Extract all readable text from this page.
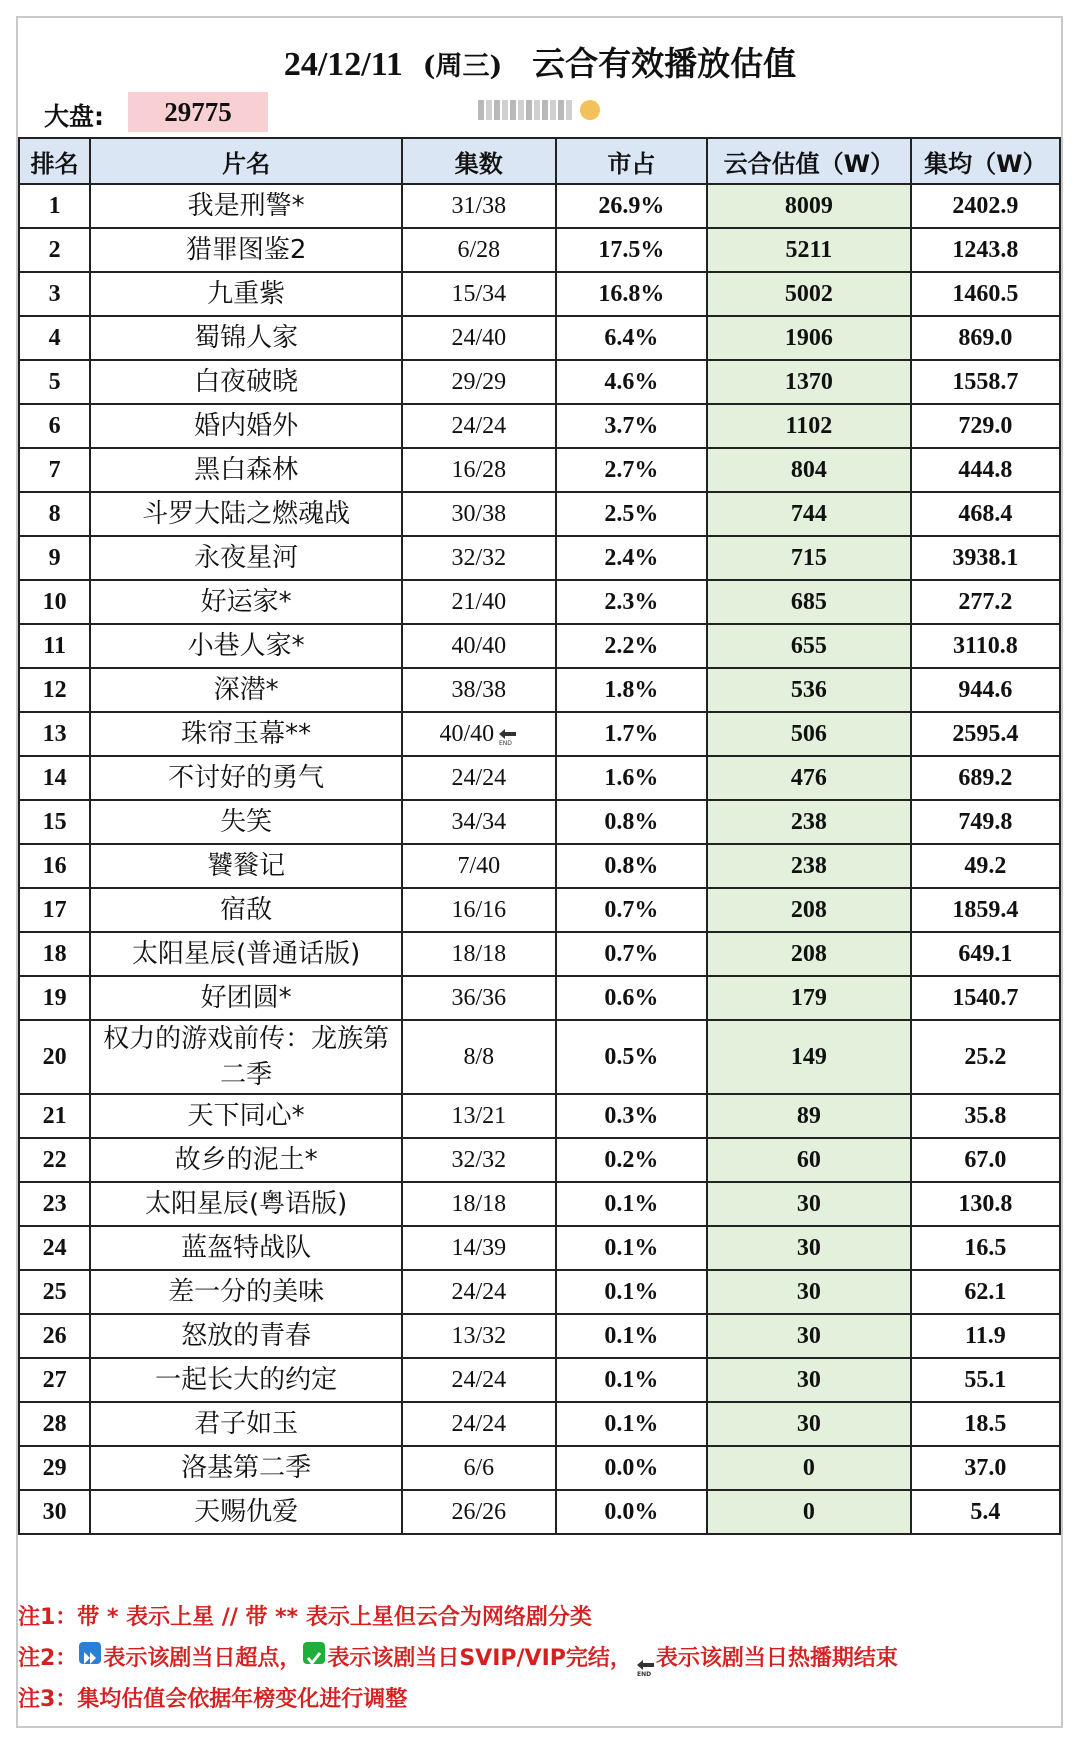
24/12/11 (周三) 云合有效播放估值
大盘:	29775
排名	片名	集数	市占	云合估值（W）	集均（W）
1	我是刑警*	31/38	26.9%	8009	2402.9
2	猎罪图鉴2	6/28	17.5%	5211	1243.8
3	九重紫	15/34	16.8%	5002	1460.5
4	蜀锦人家	24/40	6.4%	1906	869.0
5	白夜破晓	29/29	4.6%	1370	1558.7
6	婚内婚外	24/24	3.7%	1102	729.0
7	黑白森林	16/28	2.7%	804	444.8
8	斗罗大陆之燃魂战	30/38	2.5%	744	468.4
9	永夜星河	32/32	2.4%	715	3938.1
10	好运家*	21/40	2.3%	685	277.2
11	小巷人家*	40/40	2.2%	655	3110.8
12	深潜*	38/38	1.8%	536	944.6
13	珠帘玉幕**	40/40 END	1.7%	506	2595.4
14	不讨好的勇气	24/24	1.6%	476	689.2
15	失笑	34/34	0.8%	238	749.8
16	饕餮记	7/40	0.8%	238	49.2
17	宿敌	16/16	0.7%	208	1859.4
18	太阳星辰(普通话版)	18/18	0.7%	208	649.1
19	好团圆*	36/36	0.6%	179	1540.7
20	权力的游戏前传：龙族第二季	8/8	0.5%	149	25.2
21	天下同心*	13/21	0.3%	89	35.8
22	故乡的泥土*	32/32	0.2%	60	67.0
23	太阳星辰(粤语版)	18/18	0.1%	30	130.8
24	蓝盔特战队	14/39	0.1%	30	16.5
25	差一分的美味	24/24	0.1%	30	62.1
26	怒放的青春	13/32	0.1%	30	11.9
27	一起长大的约定	24/24	0.1%	30	55.1
28	君子如玉	24/24	0.1%	30	18.5
29	洛基第二季	6/6	0.0%	0	37.0
30	天赐仇爱	26/26	0.0%	0	5.4
注1：带 * 表示上星 // 带 ** 表示上星但云合为网络剧分类
注2： 表示该剧当日超点， 表示该剧当日SVIP/VIP完结，
END
表示该剧当日热播期结束
注3：集均估值会依据年榜变化进行调整
